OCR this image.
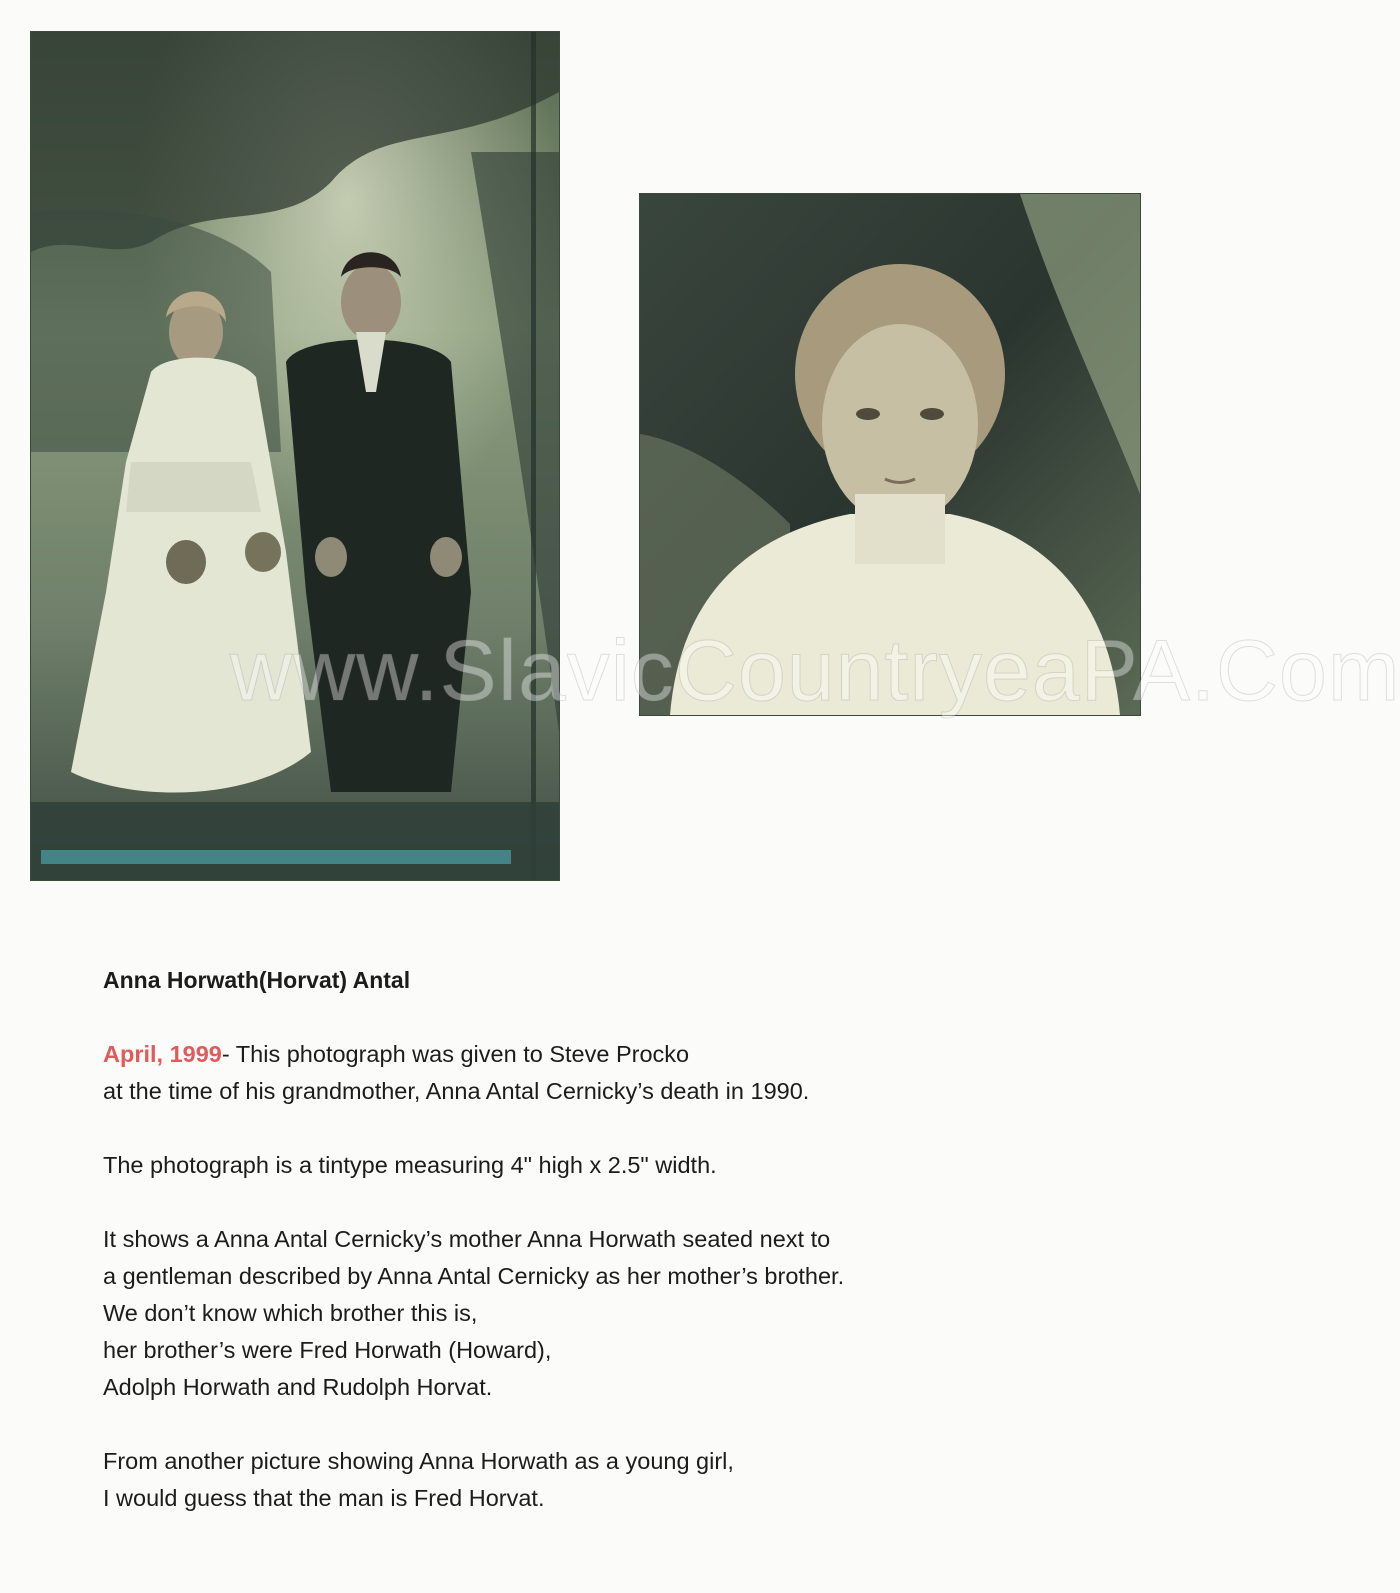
www.SlavicCountryeaPA.Com
Anna Horwath(Horvat) Antal
April, 1999- This photograph was given to Steve Procko
at the time of his grandmother, Anna Antal Cernicky’s death in 1990.
The photograph is a tintype measuring 4" high x 2.5" width.
It shows a Anna Antal Cernicky’s mother Anna Horwath seated next to
a gentleman described by Anna Antal Cernicky as her mother’s brother.
We don’t know which brother this is,
her brother’s were Fred Horwath (Howard),
Adolph Horwath and Rudolph Horvat.
From another picture showing Anna Horwath as a young girl,
I would guess that the man is Fred Horvat.
